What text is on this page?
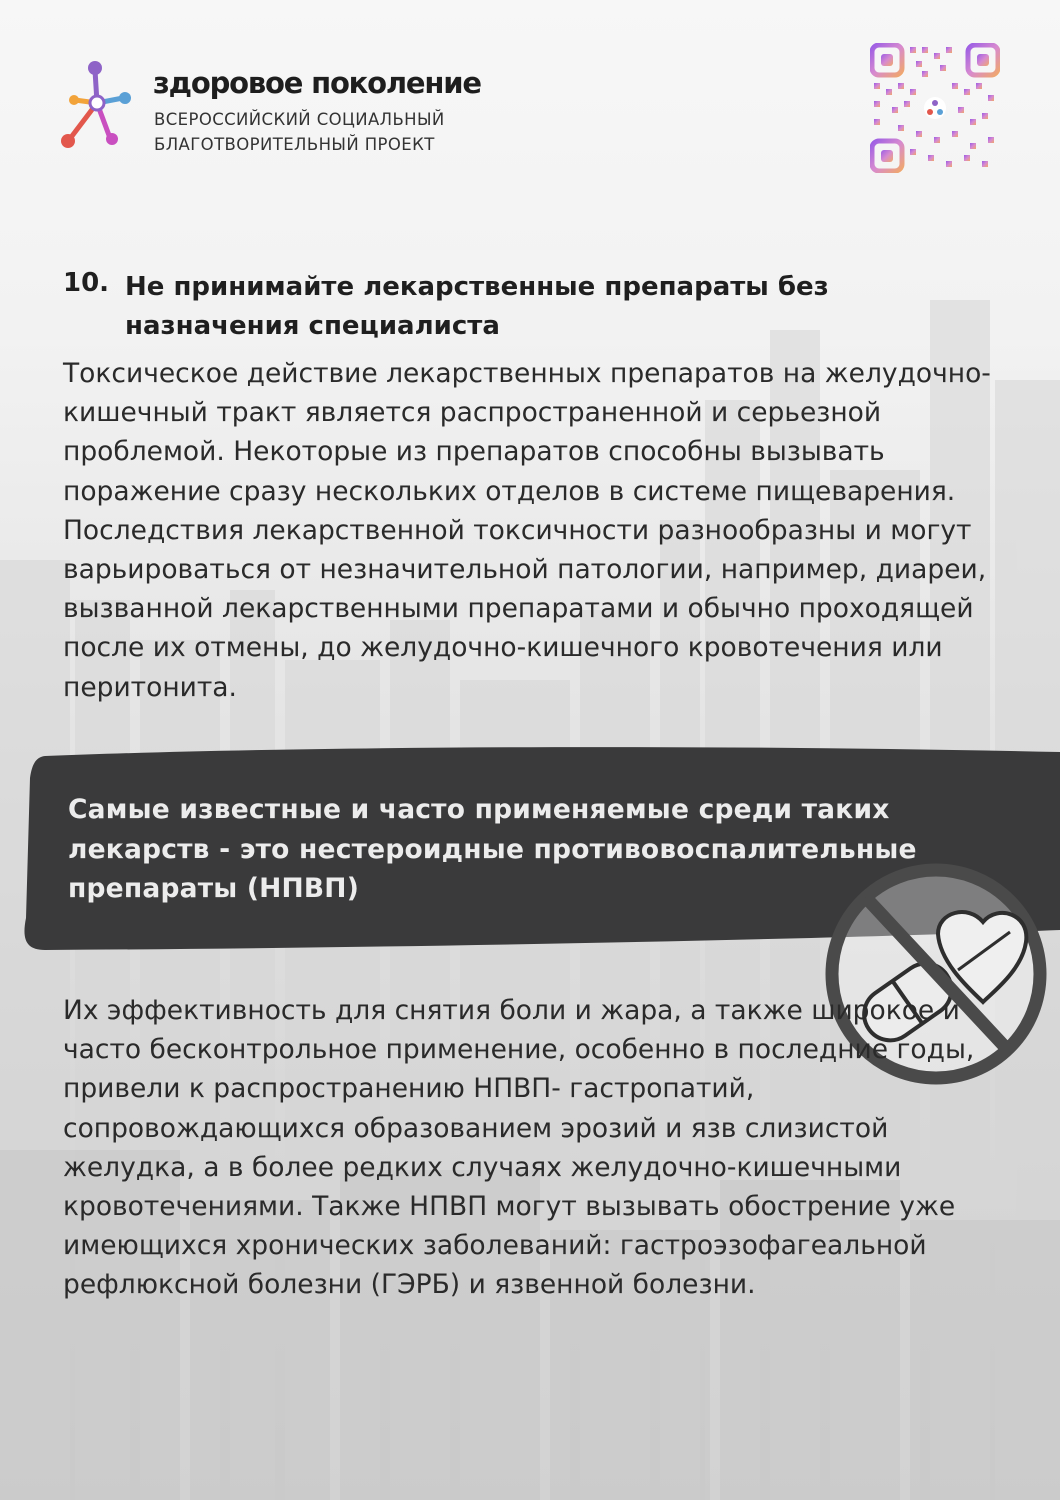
здоровое поколение
ВСЕРОССИЙСКИЙ СОЦИАЛЬНЫЙ
БЛАГОТВОРИТЕЛЬНЫЙ ПРОЕКТ
10. Не принимайте лекарственные препараты без назначения специалиста
Токсическое действие лекарственных препаратов на желудочно-кишечный тракт является распространенной и серьезной проблемой. Некоторые из препаратов способны вызывать поражение сразу нескольких отделов в системе пищеварения. Последствия лекарственной токсичности разнообразны и могут варьироваться от незначительной патологии, например, диареи, вызванной лекарственными препаратами и обычно проходящей после их отмены, до желудочно-кишечного кровотечения или перитонита.
Самые известные и часто применяемые среди таких лекарств - это нестероидные противовоспалительные препараты (НПВП)
Их эффективность для снятия боли и жара, а также широкое и часто бесконтрольное применение, особенно в последние годы, привели к распространению НПВП- гастропатий, сопровождающихся образованием эрозий и язв слизистой желудка, а в более редких случаях желудочно-кишечными кровотечениями. Также НПВП могут вызывать обострение уже имеющихся хронических заболеваний: гастроэзофагеальной рефлюксной болезни (ГЭРБ) и язвенной болезни.
